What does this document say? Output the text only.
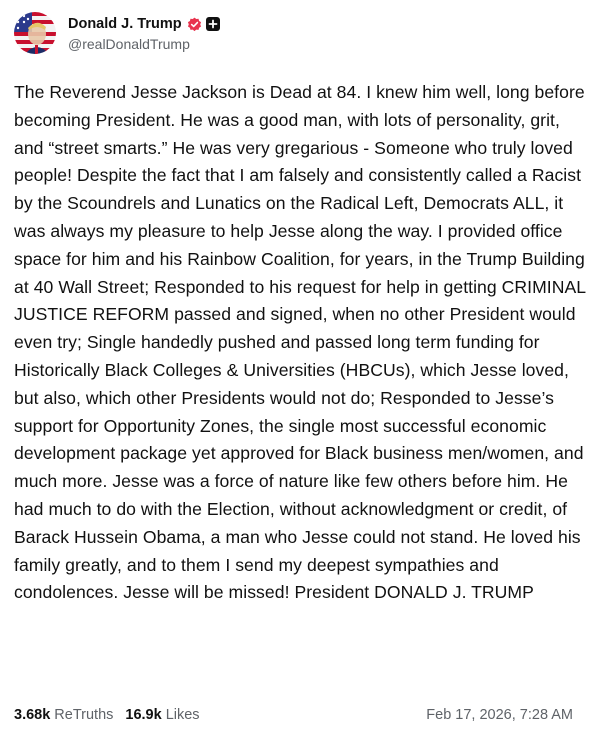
Donald J. Trump
@realDonaldTrump
The Reverend Jesse Jackson is Dead at 84. I knew him well, long before becoming President. He was a good man, with lots of personality, grit, and “street smarts.” He was very gregarious - Someone who truly loved people! Despite the fact that I am falsely and consistently called a Racist by the Scoundrels and Lunatics on the Radical Left, Democrats ALL, it was always my pleasure to help Jesse along the way. I provided office space for him and his Rainbow Coalition, for years, in the Trump Building at 40 Wall Street; Responded to his request for help in getting CRIMINAL JUSTICE REFORM passed and signed, when no other President would even try; Single handedly pushed and passed long term funding for Historically Black Colleges & Universities (HBCUs), which Jesse loved, but also, which other Presidents would not do; Responded to Jesse’s support for Opportunity Zones, the single most successful economic development package yet approved for Black business men/women, and much more. Jesse was a force of nature like few others before him. He had much to do with the Election, without acknowledgment or credit, of Barack Hussein Obama, a man who Jesse could not stand. He loved his family greatly, and to them I send my deepest sympathies and condolences. Jesse will be missed! President DONALD J. TRUMP
3.68k ReTruths 16.9k Likes	Feb 17, 2026, 7:28 AM
